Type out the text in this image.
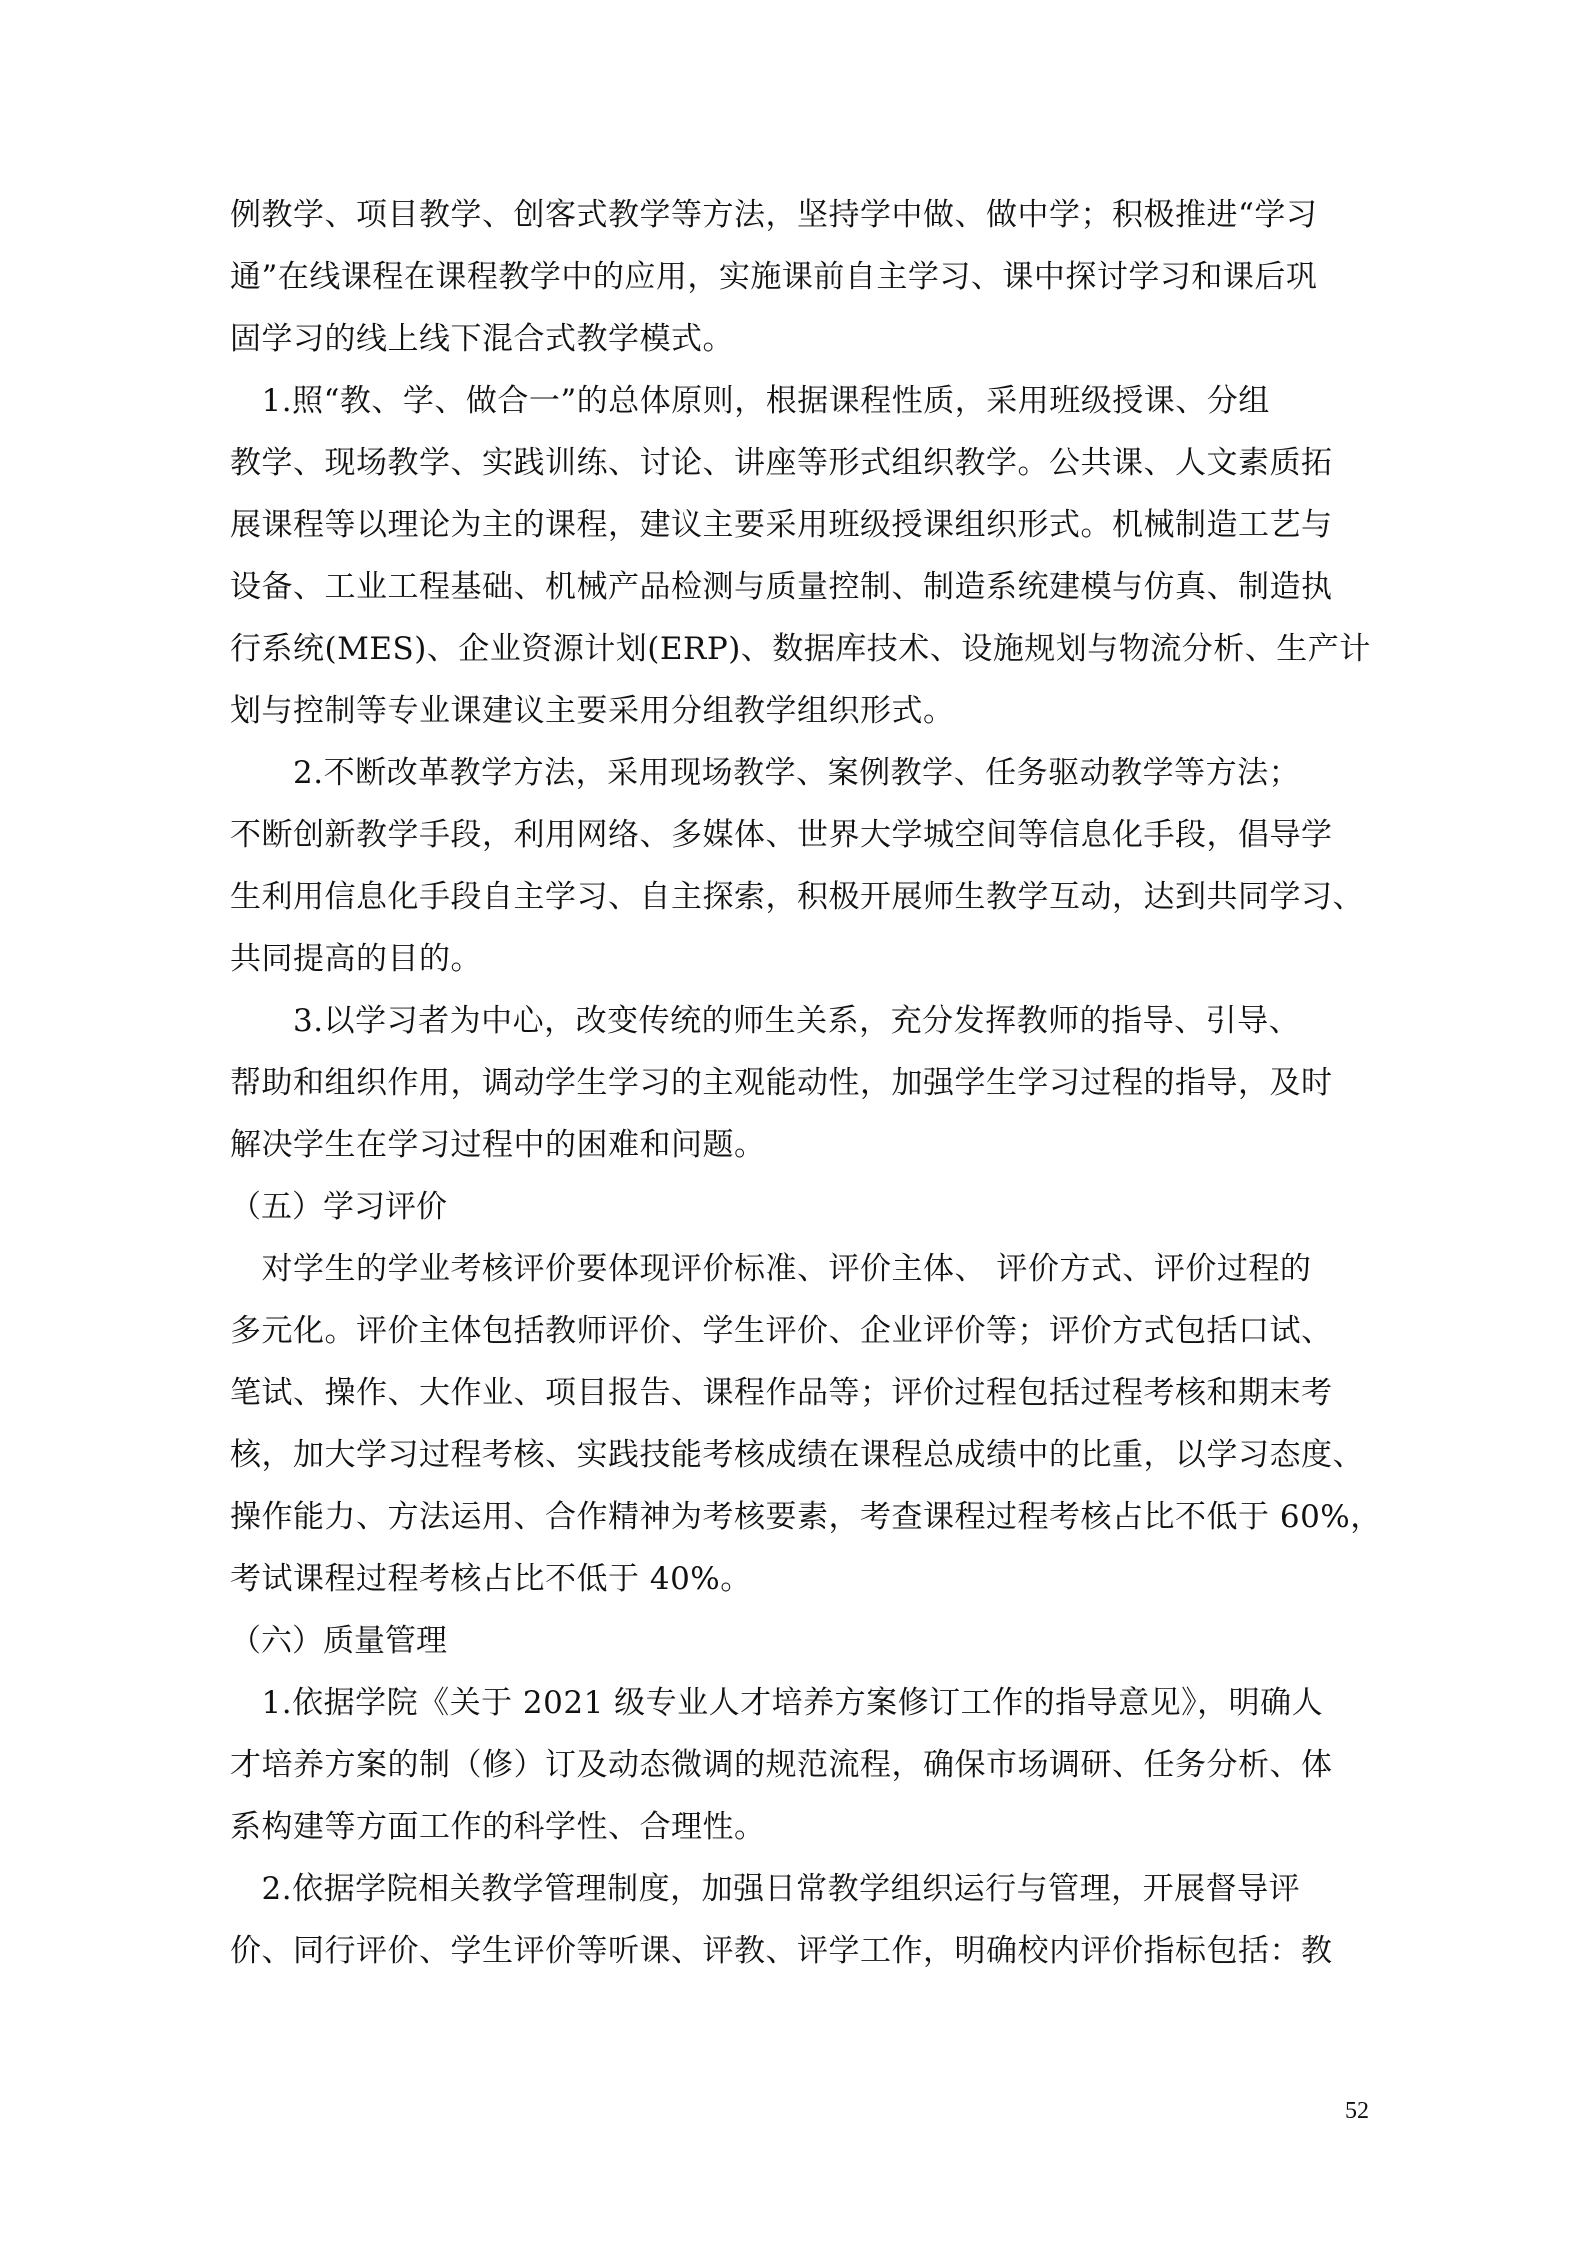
例教学、项目教学、创客式教学等方法，坚持学中做、做中学；积极推进“学习
通”在线课程在课程教学中的应用，实施课前自主学习、课中探讨学习和课后巩
固学习的线上线下混合式教学模式。
　1.照“教、学、做合一”的总体原则，根据课程性质，采用班级授课、分组
教学、现场教学、实践训练、讨论、讲座等形式组织教学。公共课、人文素质拓
展课程等以理论为主的课程，建议主要采用班级授课组织形式。机械制造工艺与
设备、工业工程基础、机械产品检测与质量控制、制造系统建模与仿真、制造执
行系统(MES)、企业资源计划(ERP)、数据库技术、设施规划与物流分析、生产计
划与控制等专业课建议主要采用分组教学组织形式。
　　2.不断改革教学方法，采用现场教学、案例教学、任务驱动教学等方法；
不断创新教学手段，利用网络、多媒体、世界大学城空间等信息化手段，倡导学
生利用信息化手段自主学习、自主探索，积极开展师生教学互动，达到共同学习、
共同提高的目的。
　　3.以学习者为中心，改变传统的师生关系，充分发挥教师的指导、引导、
帮助和组织作用，调动学生学习的主观能动性，加强学生学习过程的指导，及时
解决学生在学习过程中的困难和问题。
（五）学习评价
　对学生的学业考核评价要体现评价标准、评价主体、 评价方式、评价过程的
多元化。评价主体包括教师评价、学生评价、企业评价等；评价方式包括口试、
笔试、操作、大作业、项目报告、课程作品等；评价过程包括过程考核和期末考
核，加大学习过程考核、实践技能考核成绩在课程总成绩中的比重，以学习态度、
操作能力、方法运用、合作精神为考核要素，考查课程过程考核占比不低于 60%，
考试课程过程考核占比不低于 40%。
（六）质量管理
　1.依据学院《关于 2021 级专业人才培养方案修订工作的指导意见》，明确人
才培养方案的制（修）订及动态微调的规范流程，确保市场调研、任务分析、体
系构建等方面工作的科学性、合理性。
　2.依据学院相关教学管理制度，加强日常教学组织运行与管理，开展督导评
价、同行评价、学生评价等听课、评教、评学工作，明确校内评价指标包括：教
52
